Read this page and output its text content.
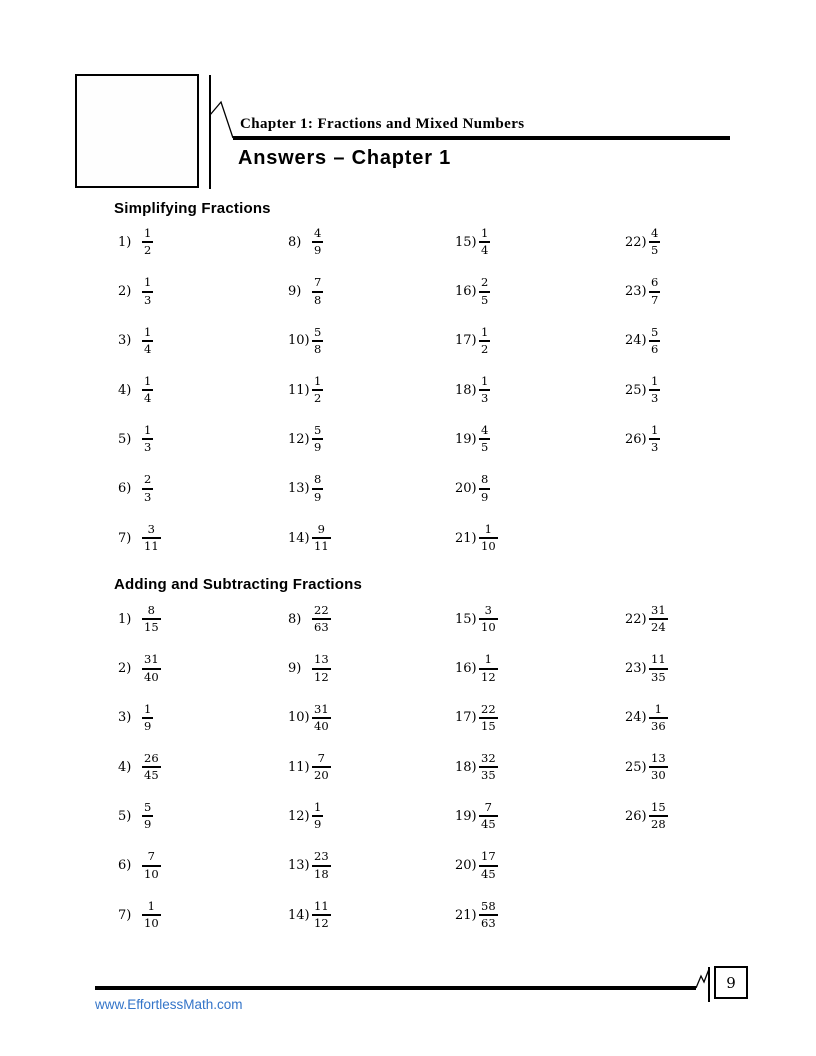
Chapter 1: Fractions and Mixed Numbers
Answers – Chapter 1
Simplifying Fractions
$1) \frac{1}{2}$
$2) \frac{1}{3}$
$3) \frac{1}{4}$
$4) \frac{1}{4}$
$5) \frac{1}{3}$
$6) \frac{2}{3}$
$7) \frac{3}{11}$
$8) \frac{4}{9}$
$9) \frac{7}{8}$
$10) \frac{5}{8}$
$11) \frac{1}{2}$
$12) \frac{5}{9}$
$13) \frac{8}{9}$
$14) \frac{9}{11}$
$15) \frac{1}{4}$
$16) \frac{2}{5}$
$17) \frac{1}{2}$
$18) \frac{1}{3}$
$19) \frac{4}{5}$
$20) \frac{8}{9}$
$21) \frac{1}{10}$
$22) \frac{4}{5}$
$23) \frac{6}{7}$
$24) \frac{5}{6}$
$25) \frac{1}{3}$
$26) \frac{1}{3}$
Adding and Subtracting Fractions
$1) \frac{8}{15}$
$2) \frac{31}{40}$
$3) \frac{1}{9}$
$4) \frac{26}{45}$
$5) \frac{5}{9}$
$6) \frac{7}{10}$
$7) \frac{1}{10}$
$8) \frac{22}{63}$
$9) \frac{13}{12}$
$10) \frac{31}{40}$
$11) \frac{7}{20}$
$12) \frac{1}{9}$
$13) \frac{23}{18}$
$14) \frac{11}{12}$
$15) \frac{3}{10}$
$16) \frac{1}{12}$
$17) \frac{22}{15}$
$18) \frac{32}{35}$
$19) \frac{7}{45}$
$20) \frac{17}{45}$
$21) \frac{58}{63}$
$22) \frac{31}{24}$
$23) \frac{11}{35}$
$24) \frac{1}{36}$
$25) \frac{13}{30}$
$26) \frac{15}{28}$
9
www.EffortlessMath.com
